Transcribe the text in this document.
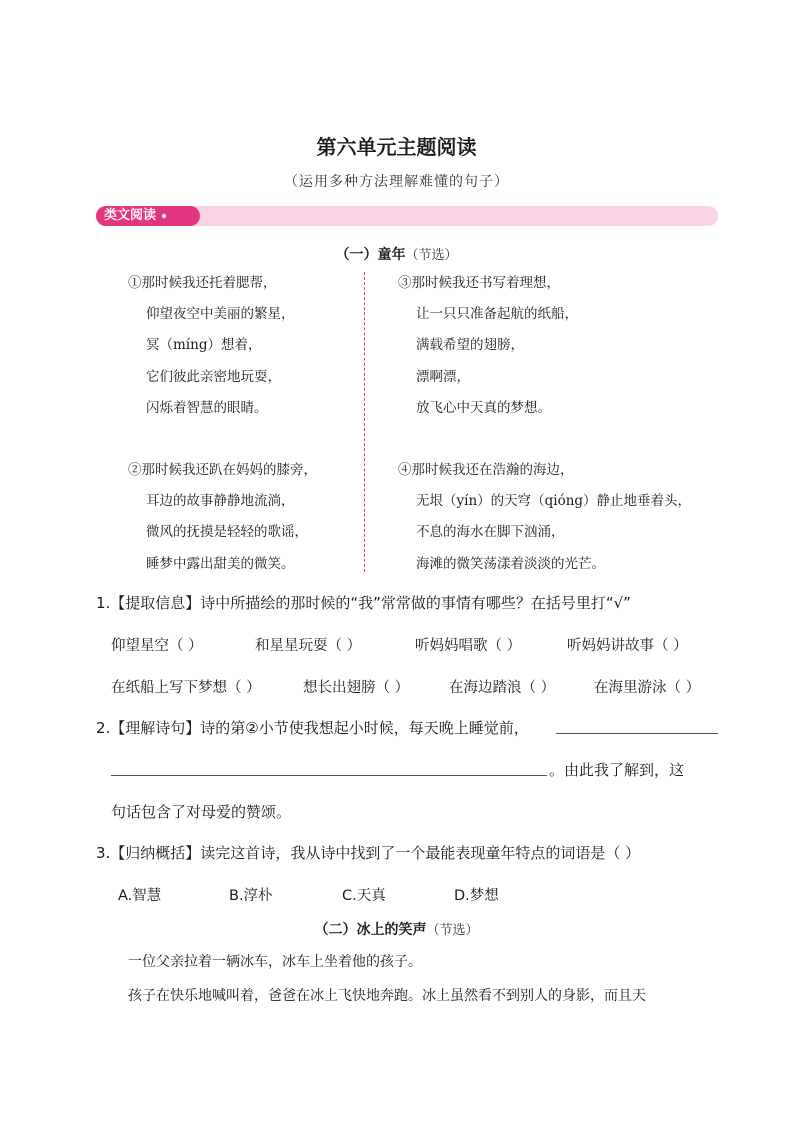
第六单元主题阅读
（运用多种方法理解难懂的句子）
类文阅读
（一）童年（节选）
①那时候我还托着腮帮，
仰望夜空中美丽的繁星，
冥（míng）想着，
它们彼此亲密地玩耍，
闪烁着智慧的眼睛。
③那时候我还书写着理想，
让一只只准备起航的纸船，
满载希望的翅膀，
漂啊漂，
放飞心中天真的梦想。
②那时候我还趴在妈妈的膝旁，
耳边的故事静静地流淌，
微风的抚摸是轻轻的歌谣，
睡梦中露出甜美的微笑。
④那时候我还在浩瀚的海边，
无垠（yín）的天穹（qióng）静止地垂着头，
不息的海水在脚下汹涌，
海滩的微笑荡漾着淡淡的光芒。
1.【提取信息】诗中所描绘的那时候的“我”常常做的事情有哪些？在括号里打“√”
仰望星空（ ）	和星星玩耍（ ）	听妈妈唱歌（ ）	听妈妈讲故事（ ）
在纸船上写下梦想（ ）	想长出翅膀（ ）	在海边踏浪（ ）	在海里游泳（ ）
2.【理解诗句】诗的第②小节使我想起小时候，每天晚上睡觉前，
。由此我了解到，这
句话包含了对母爱的赞颂。
3.【归纳概括】读完这首诗，我从诗中找到了一个最能表现童年特点的词语是（ ）
A.智慧	B.淳朴	C.天真	D.梦想
（二）冰上的笑声（节选）
一位父亲拉着一辆冰车，冰车上坐着他的孩子。
孩子在快乐地喊叫着，爸爸在冰上飞快地奔跑。冰上虽然看不到别人的身影，而且天
